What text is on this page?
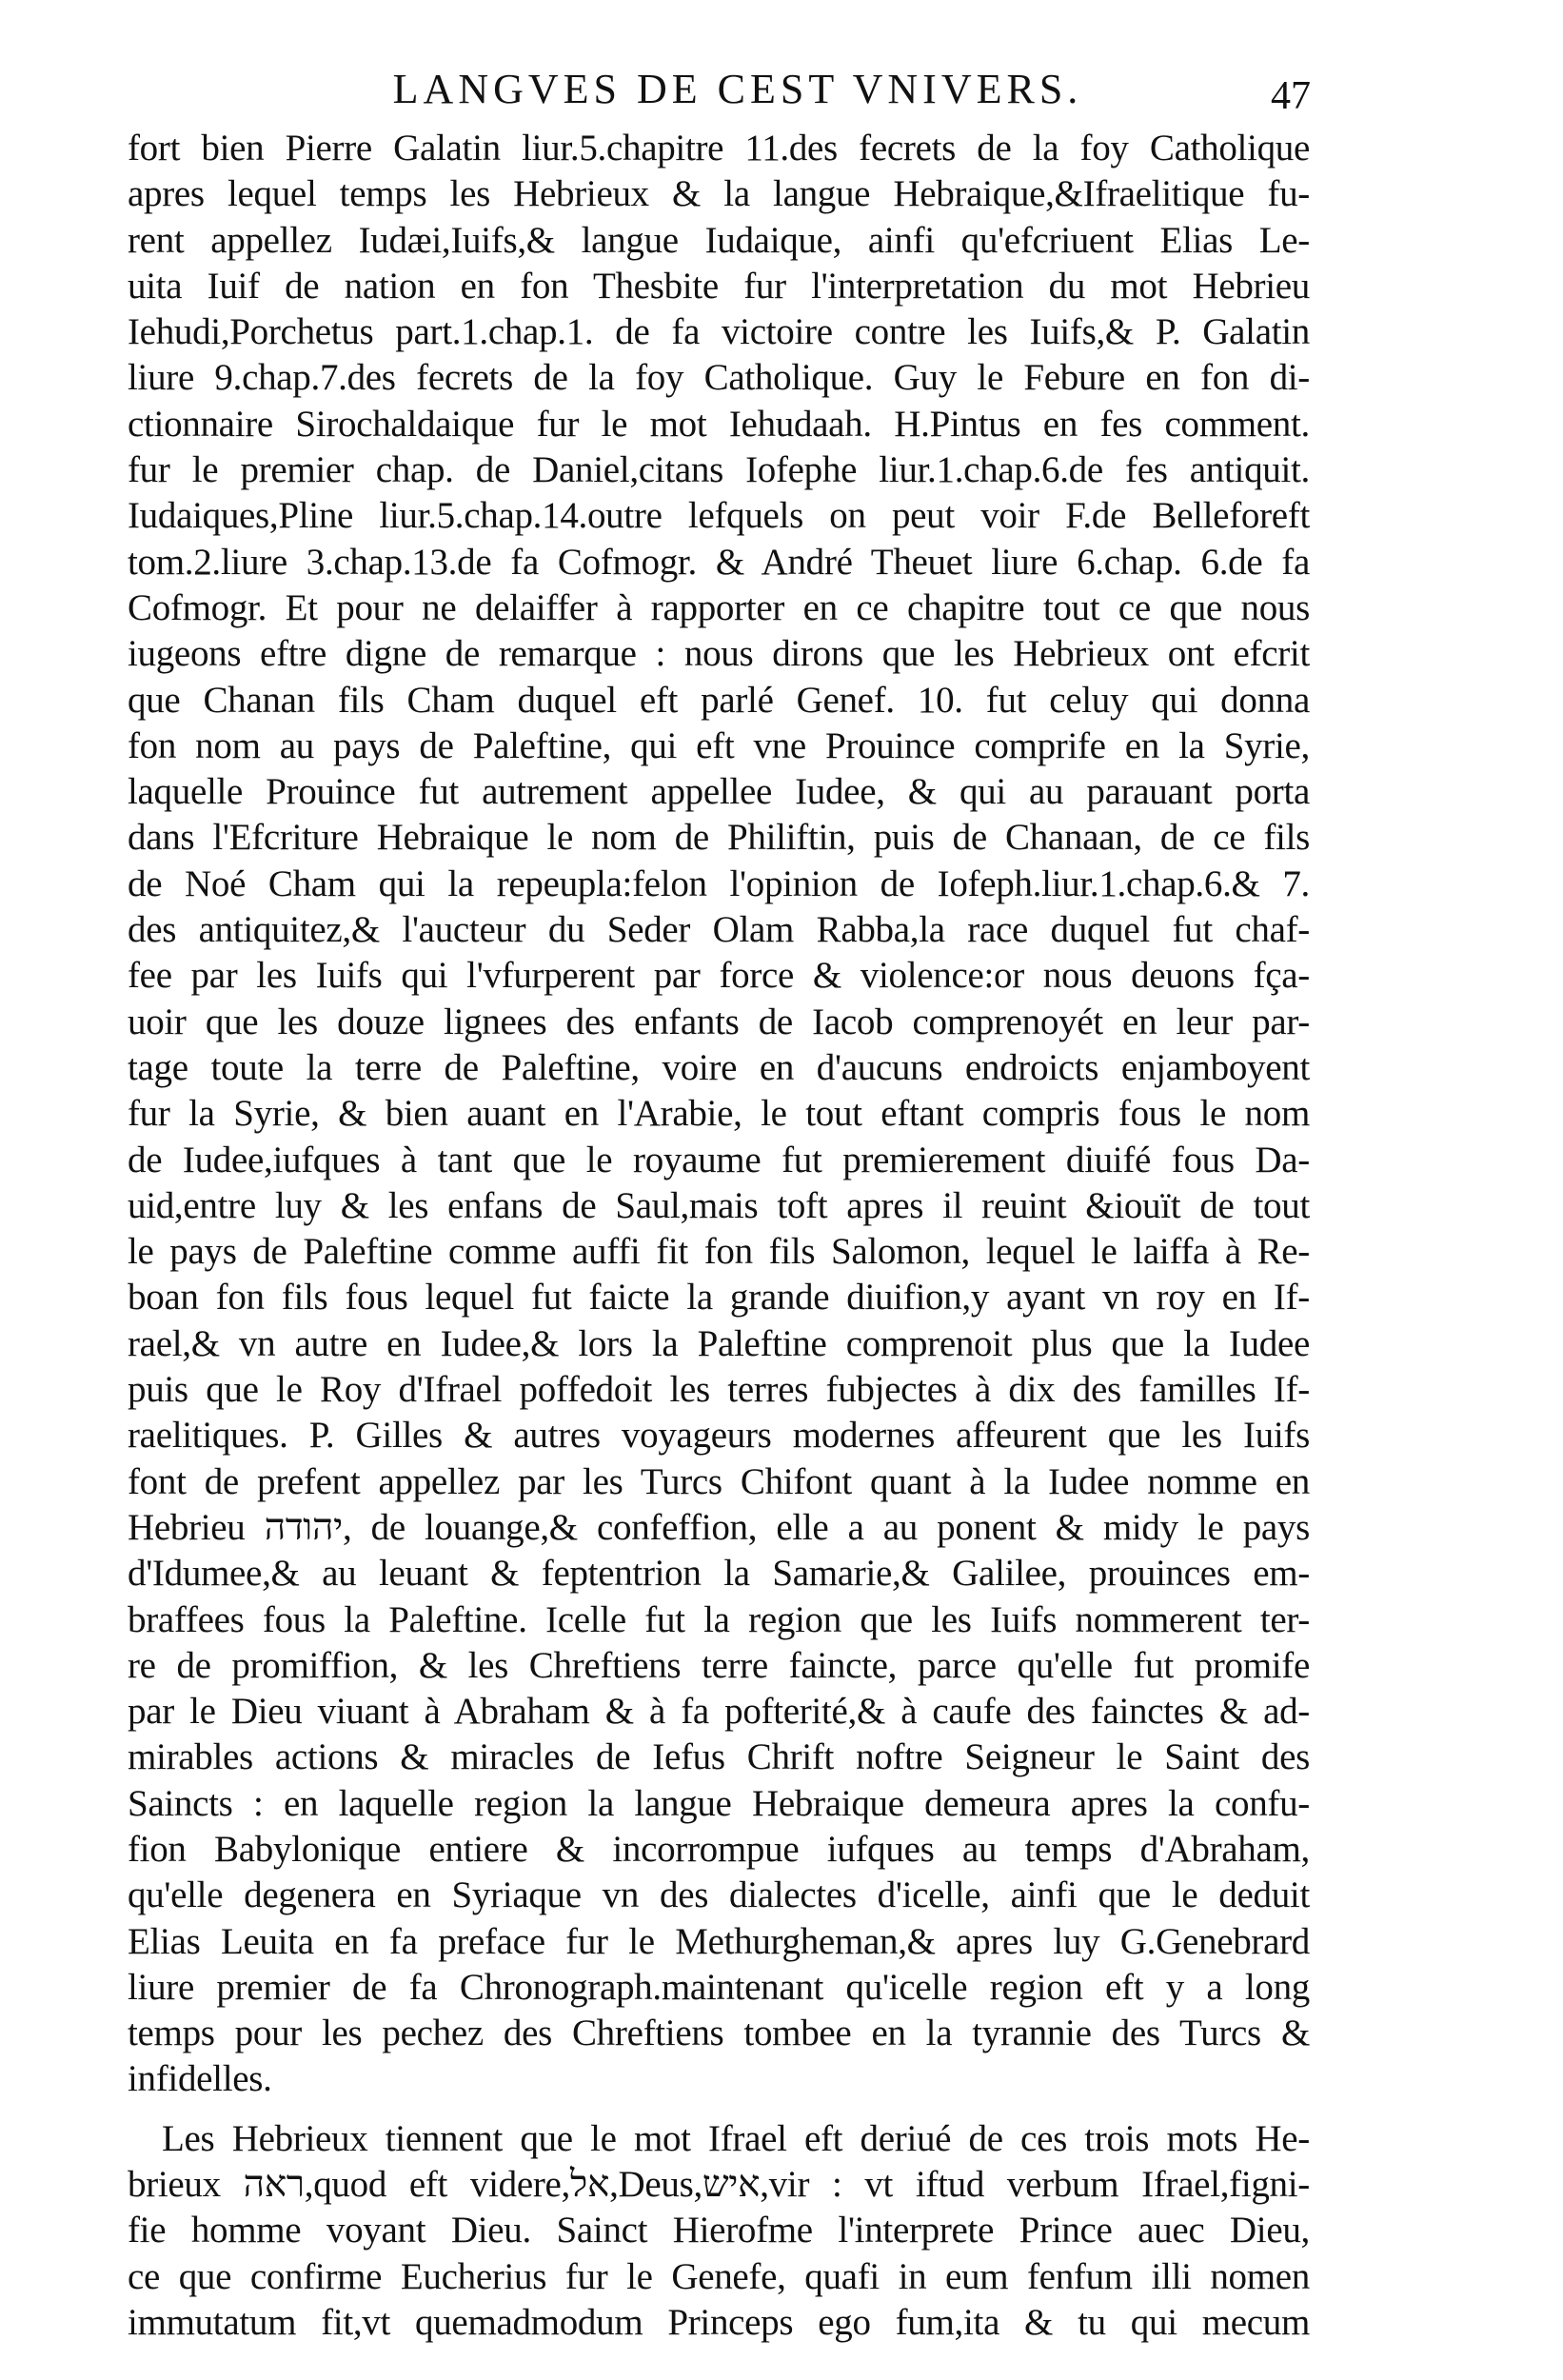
LANGVES DE CEST VNIVERS.	47
fort bien Pierre Galatin liur.5.chapitre 11.des fecrets de la foy Catholique
apres lequel temps les Hebrieux & la langue Hebraique,&Ifraelitique fu-
rent appellez Iudæi,Iuifs,& langue Iudaique, ainfi qu'efcriuent Elias Le-
uita Iuif de nation en fon Thesbite fur l'interpretation du mot Hebrieu
Iehudi,Porchetus part.1.chap.1. de fa victoire contre les Iuifs,& P. Galatin
liure 9.chap.7.des fecrets de la foy Catholique. Guy le Febure en fon di-
ctionnaire Sirochaldaique fur le mot Iehudaah. H.Pintus en fes comment.
fur le premier chap. de Daniel,citans Iofephe liur.1.chap.6.de fes antiquit.
Iudaiques,Pline liur.5.chap.14.outre lefquels on peut voir F.de Belleforeft
tom.2.liure 3.chap.13.de fa Cofmogr. & André Theuet liure 6.chap. 6.de fa
Cofmogr. Et pour ne delaiffer à rapporter en ce chapitre tout ce que nous
iugeons eftre digne de remarque : nous dirons que les Hebrieux ont efcrit
que Chanan fils Cham duquel eft parlé Genef. 10. fut celuy qui donna
fon nom au pays de Paleftine, qui eft vne Prouince comprife en la Syrie,
laquelle Prouince fut autrement appellee Iudee, & qui au parauant porta
dans l'Efcriture Hebraique le nom de Philiftin, puis de Chanaan, de ce fils
de Noé Cham qui la repeupla:felon l'opinion de Iofeph.liur.1.chap.6.& 7.
des antiquitez,& l'aucteur du Seder Olam Rabba,la race duquel fut chaf-
fee par les Iuifs qui l'vfurperent par force & violence:or nous deuons fça-
uoir que les douze lignees des enfants de Iacob comprenoyét en leur par-
tage toute la terre de Paleftine, voire en d'aucuns endroicts enjamboyent
fur la Syrie, & bien auant en l'Arabie, le tout eftant compris fous le nom
de Iudee,iufques à tant que le royaume fut premierement diuifé fous Da-
uid,entre luy & les enfans de Saul,mais toft apres il reuint &iouït de tout
le pays de Paleftine comme auffi fit fon fils Salomon, lequel le laiffa à Re-
boan fon fils fous lequel fut faicte la grande diuifion,y ayant vn roy en If-
rael,& vn autre en Iudee,& lors la Paleftine comprenoit plus que la Iudee
puis que le Roy d'Ifrael poffedoit les terres fubjectes à dix des familles If-
raelitiques. P. Gilles & autres voyageurs modernes affeurent que les Iuifs
font de prefent appellez par les Turcs Chifont quant à la Iudee nomme en
Hebrieu יהודה, de louange,& confeffion, elle a au ponent & midy le pays
d'Idumee,& au leuant & feptentrion la Samarie,& Galilee, prouinces em-
braffees fous la Paleftine. Icelle fut la region que les Iuifs nommerent ter-
re de promiffion, & les Chreftiens terre faincte, parce qu'elle fut promife
par le Dieu viuant à Abraham & à fa pofterité,& à caufe des fainctes & ad-
mirables actions & miracles de Iefus Chrift noftre Seigneur le Saint des
Saincts : en laquelle region la langue Hebraique demeura apres la confu-
fion Babylonique entiere & incorrompue iufques au temps d'Abraham,
qu'elle degenera en Syriaque vn des dialectes d'icelle, ainfi que le deduit
Elias Leuita en fa preface fur le Methurgheman,& apres luy G.Genebrard
liure premier de fa Chronograph.maintenant qu'icelle region eft y a long
temps pour les pechez des Chreftiens tombee en la tyrannie des Turcs &
infidelles.
Les Hebrieux tiennent que le mot Ifrael eft deriué de ces trois mots He-
brieux ראה,quod eft videre,אל,Deus,איש,vir : vt iftud verbum Ifrael,figni-
fie homme voyant Dieu. Sainct Hierofme l'interprete Prince auec Dieu,
ce que confirme Eucherius fur le Genefe, quafi in eum fenfum illi nomen
immutatum fit,vt quemadmodum Princeps ego fum,ita & tu qui mecum
